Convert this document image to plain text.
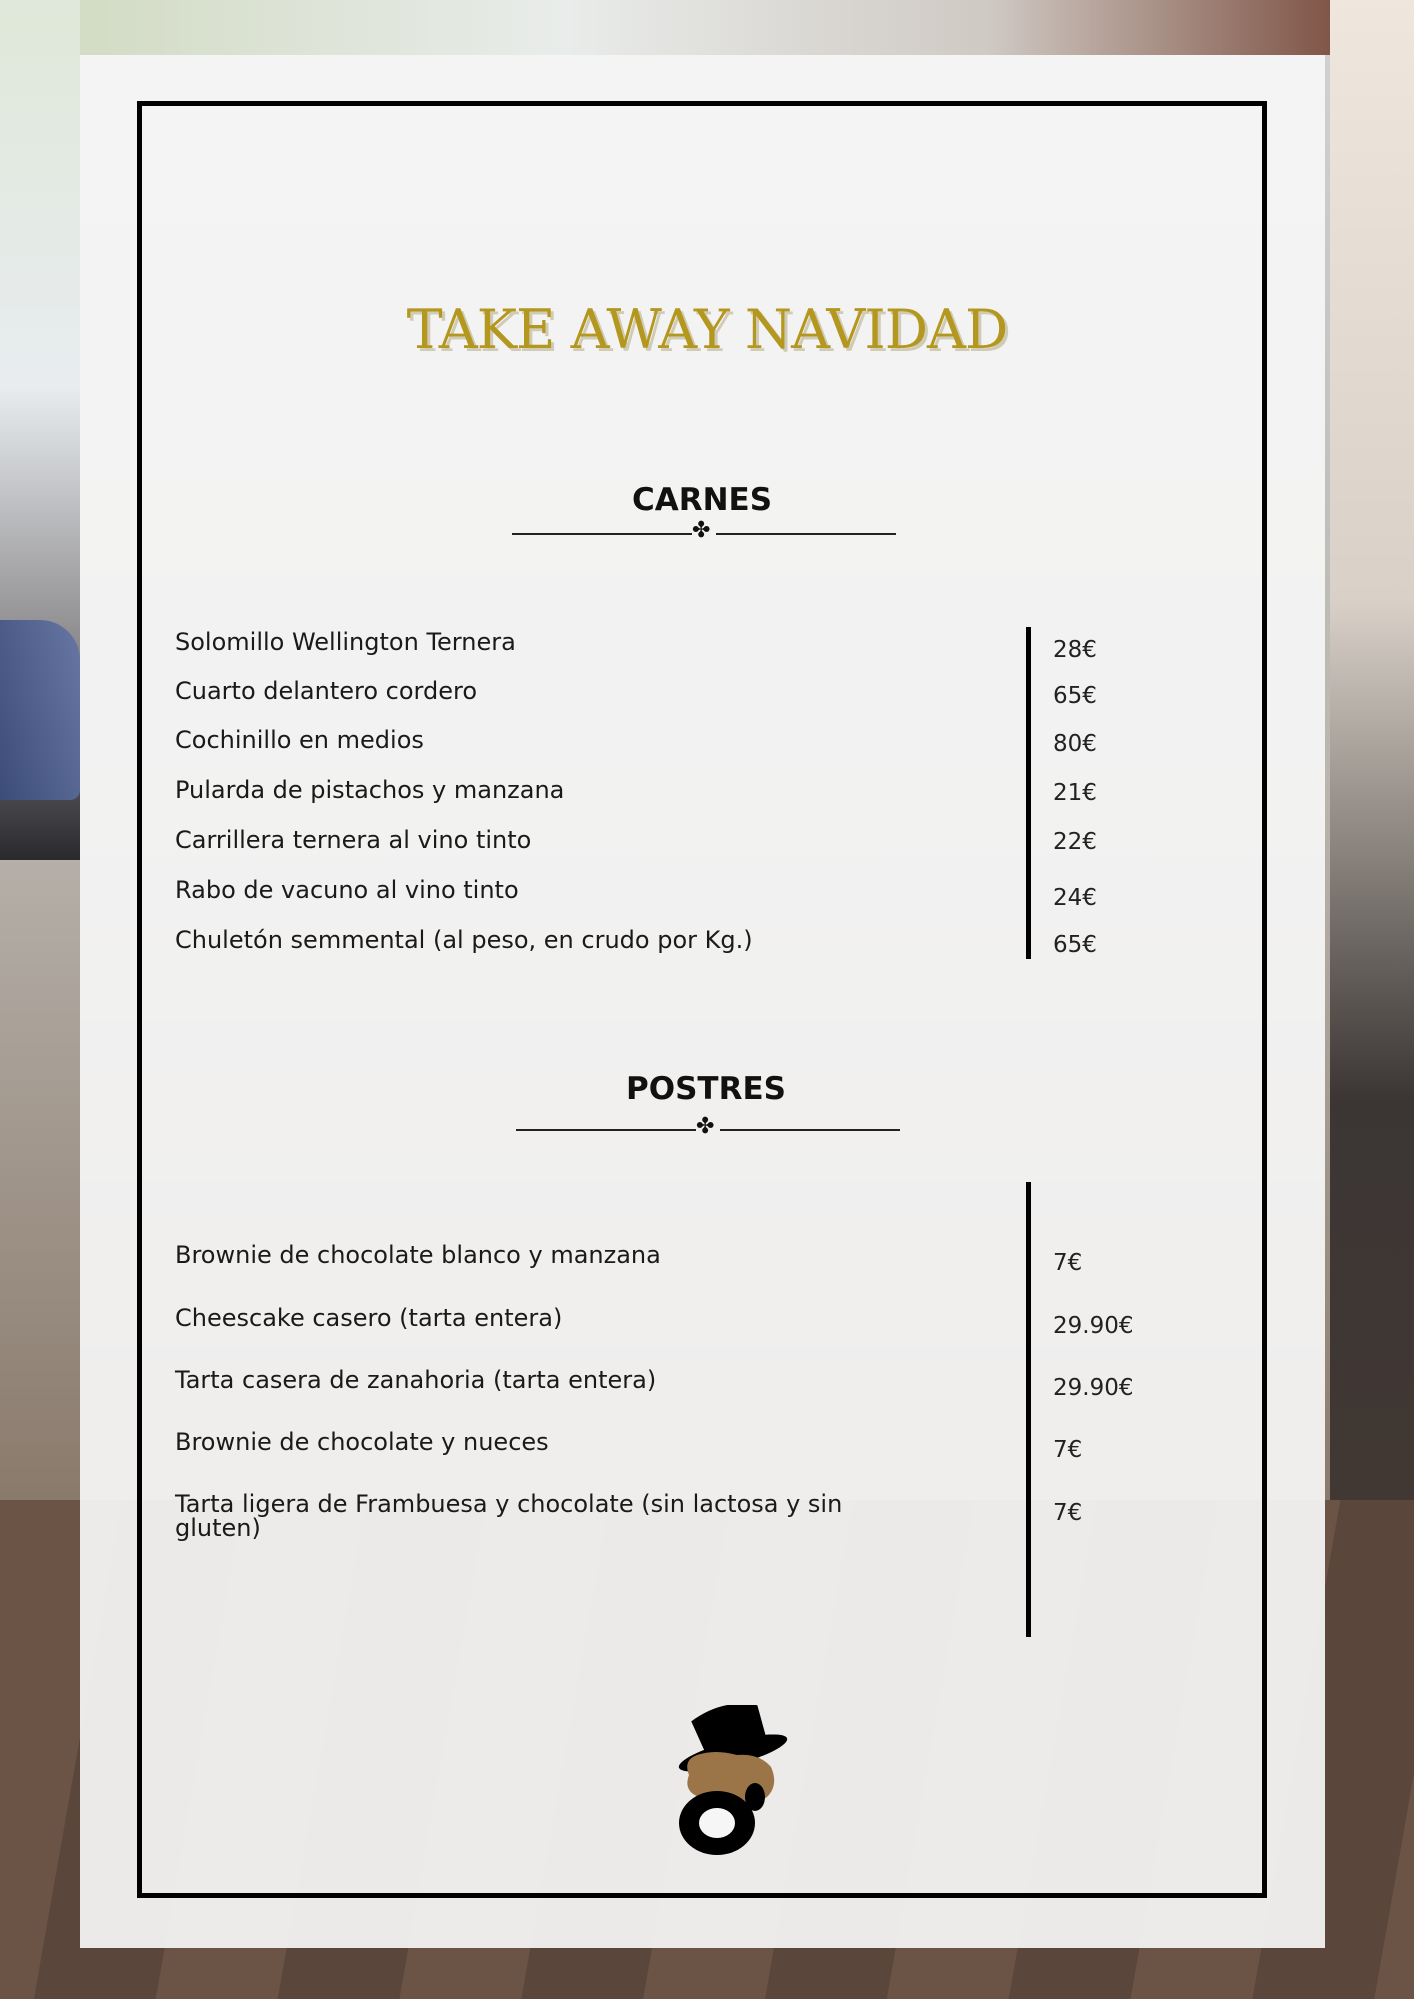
TAKE AWAY NAVIDAD
CARNES
✤
Solomillo Wellington Ternera
Cuarto delantero cordero
Cochinillo en medios
Pularda de pistachos y manzana
Carrillera ternera al vino tinto
Rabo de vacuno al vino tinto
Chuletón semmental (al peso, en crudo por Kg.)
28€
65€
80€
21€
22€
24€
65€
POSTRES
✤
Brownie de chocolate blanco y manzana
Cheescake casero (tarta entera)
Tarta casera de zanahoria (tarta entera)
Brownie de chocolate y nueces
Tarta ligera de Frambuesa y chocolate (sin lactosa y sin gluten)
7€
29.90€
29.90€
7€
7€
